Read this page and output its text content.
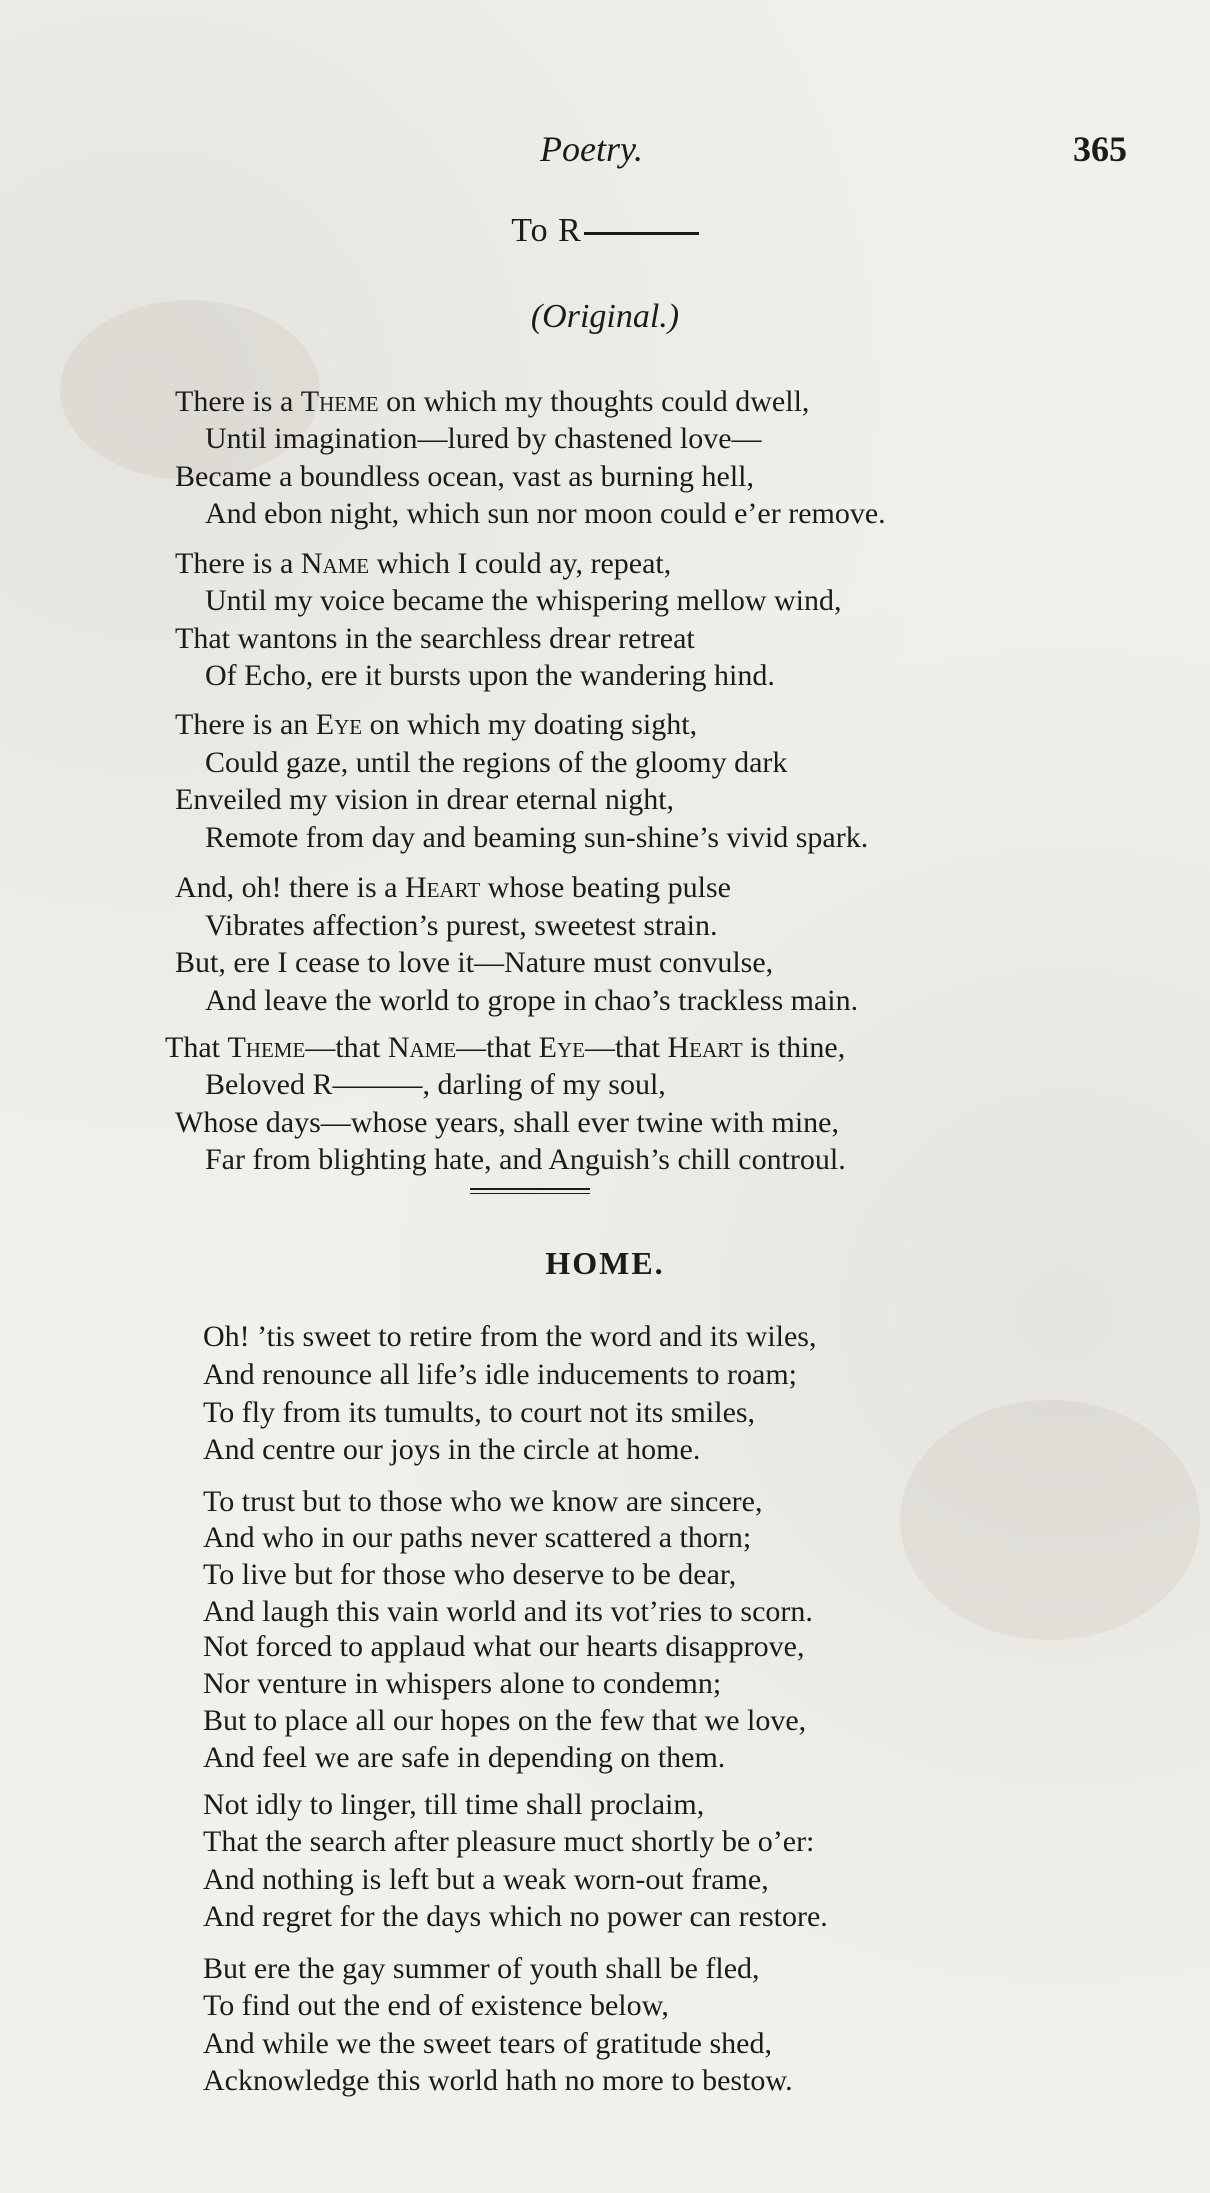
Poetry.	365
To R
(Original.)
There is a Theme on which my thoughts could dwell,
Until imagination—lured by chastened love—
Became a boundless ocean, vast as burning hell,
And ebon night, which sun nor moon could e’er remove.
There is a Name which I could ay, repeat,
Until my voice became the whispering mellow wind,
That wantons in the searchless drear retreat
Of Echo, ere it bursts upon the wandering hind.
There is an Eye on which my doating sight,
Could gaze, until the regions of the gloomy dark
Enveiled my vision in drear eternal night,
Remote from day and beaming sun-shine’s vivid spark.
And, oh! there is a Heart whose beating pulse
Vibrates affection’s purest, sweetest strain.
But, ere I cease to love it—Nature must convulse,
And leave the world to grope in chao’s trackless main.
That Theme—that Name—that Eye—that Heart is thine,
Beloved R———, darling of my soul,
Whose days—whose years, shall ever twine with mine,
Far from blighting hate, and Anguish’s chill controul.
HOME.
Oh! ’tis sweet to retire from the word and its wiles,
And renounce all life’s idle inducements to roam;
To fly from its tumults, to court not its smiles,
And centre our joys in the circle at home.
To trust but to those who we know are sincere,
And who in our paths never scattered a thorn;
To live but for those who deserve to be dear,
And laugh this vain world and its vot’ries to scorn.
Not forced to applaud what our hearts disapprove,
Nor venture in whispers alone to condemn;
But to place all our hopes on the few that we love,
And feel we are safe in depending on them.
Not idly to linger, till time shall proclaim,
That the search after pleasure muct shortly be o’er:
And nothing is left but a weak worn-out frame,
And regret for the days which no power can restore.
But ere the gay summer of youth shall be fled,
To find out the end of existence below,
And while we the sweet tears of gratitude shed,
Acknowledge this world hath no more to bestow.
